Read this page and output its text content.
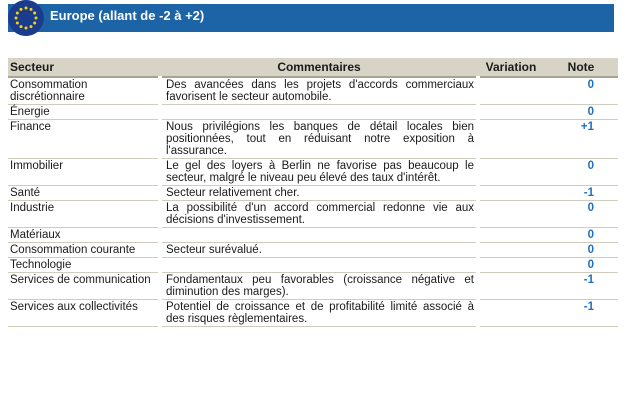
Europe (allant de -2 à +2)
Secteur	Commentaires	Variation	Note
Consommation discrétionnaire	Des avancées dans les projets d'accords commerciaux favorisent le secteur automobile.		0
Énergie			0
Finance	Nous privilégions les banques de détail locales bien positionnées, tout en réduisant notre exposition à l'assurance.		+1
Immobilier	Le gel des loyers à Berlin ne favorise pas beaucoup le secteur, malgré le niveau peu élevé des taux d'intérêt.		0
Santé	Secteur relativement cher.		-1
Industrie	La possibilité d'un accord commercial redonne vie aux décisions d'investissement.		0
Matériaux			0
Consommation courante	Secteur surévalué.		0
Technologie			0
Services de communication	Fondamentaux peu favorables (croissance négative et diminution des marges).		-1
Services aux collectivités	Potentiel de croissance et de profitabilité limité associé à des risques règlementaires.		-1
